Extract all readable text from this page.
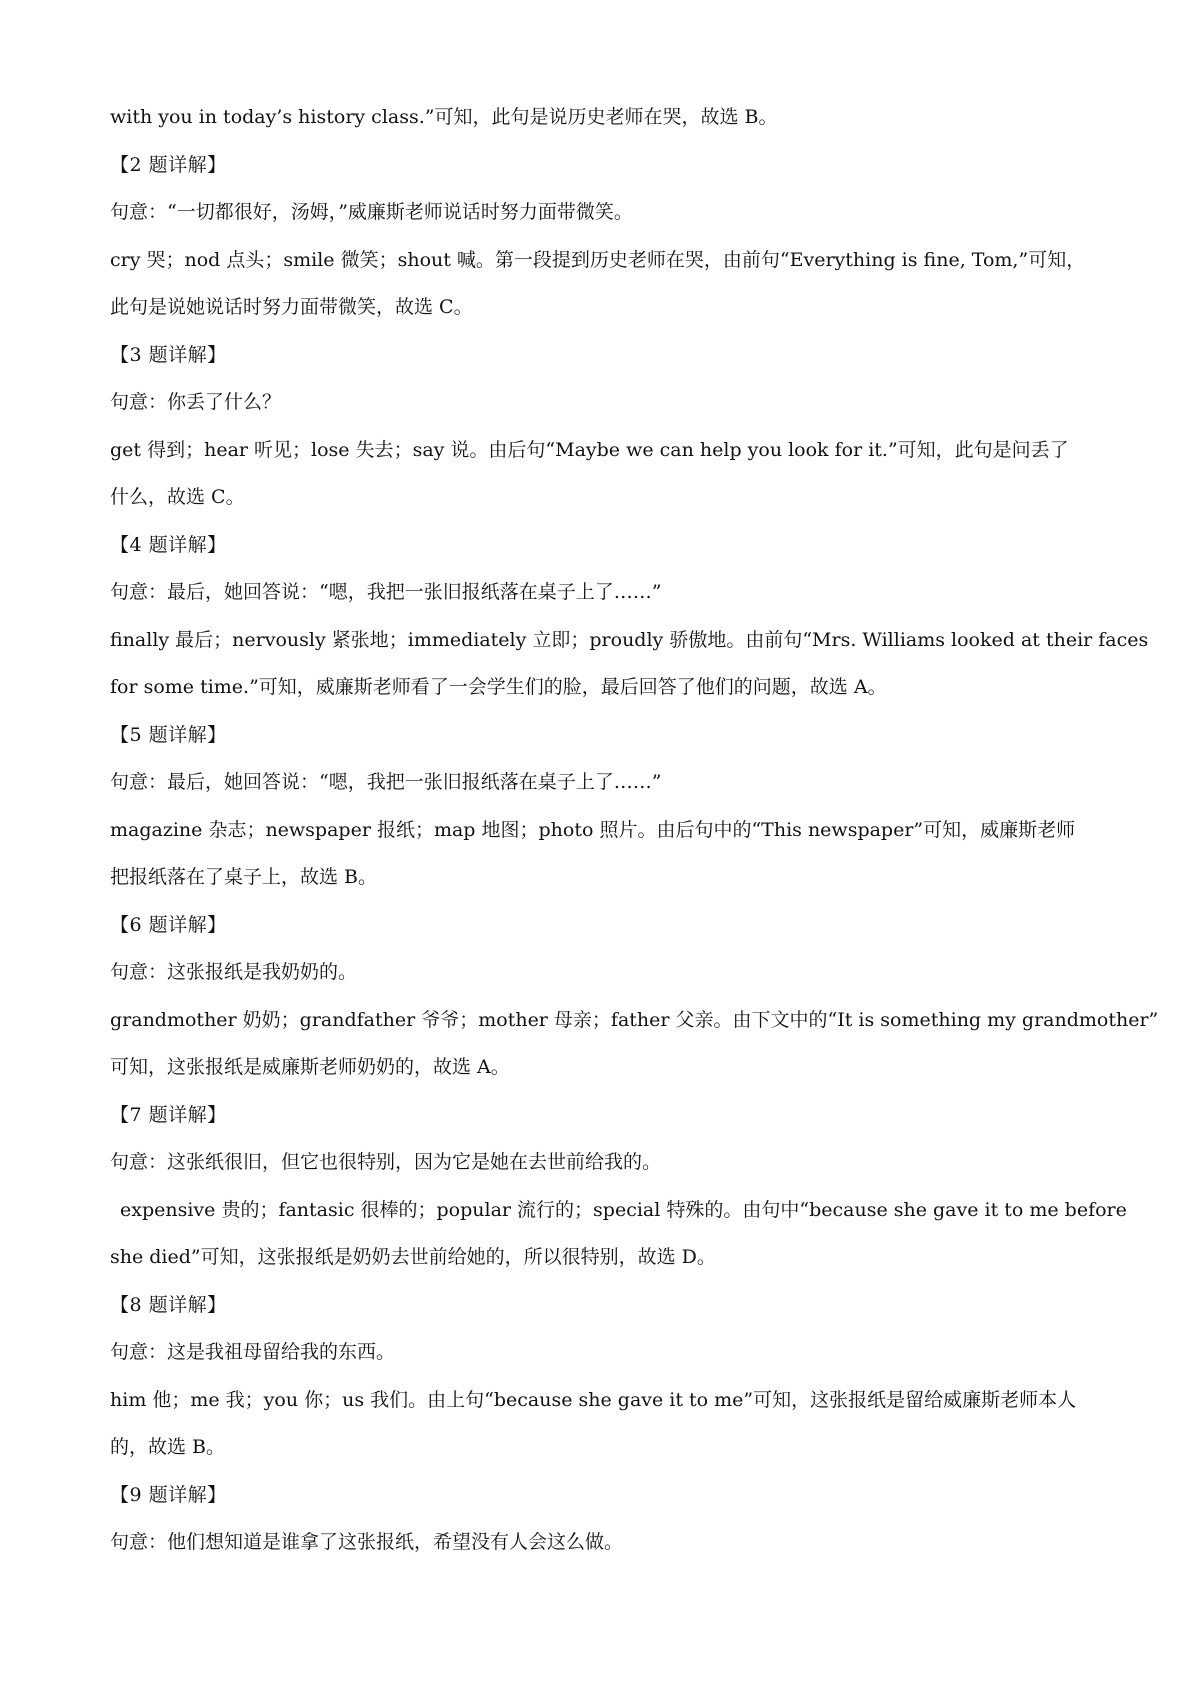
with you in today’s history class.”可知，此句是说历史老师在哭，故选 B。
【2 题详解】
句意：“一切都很好，汤姆，”威廉斯老师说话时努力面带微笑。
cry 哭；nod 点头；smile 微笑；shout 喊。第一段提到历史老师在哭，由前句“Everything is fine, Tom,”可知，
此句是说她说话时努力面带微笑，故选 C。
【3 题详解】
句意：你丢了什么？
get 得到；hear 听见；lose 失去；say 说。由后句“Maybe we can help you look for it.”可知，此句是问丢了
什么，故选 C。
【4 题详解】
句意：最后，她回答说：“嗯，我把一张旧报纸落在桌子上了……”
finally 最后；nervously 紧张地；immediately 立即；proudly 骄傲地。由前句“Mrs. Williams looked at their faces
for some time.”可知，威廉斯老师看了一会学生们的脸，最后回答了他们的问题，故选 A。
【5 题详解】
句意：最后，她回答说：“嗯，我把一张旧报纸落在桌子上了……”
magazine 杂志；newspaper 报纸；map 地图；photo 照片。由后句中的“This newspaper”可知，威廉斯老师
把报纸落在了桌子上，故选 B。
【6 题详解】
句意：这张报纸是我奶奶的。
grandmother 奶奶；grandfather 爷爷；mother 母亲；father 父亲。由下文中的“It is something my grandmother”
可知，这张报纸是威廉斯老师奶奶的，故选 A。
【7 题详解】
句意：这张纸很旧，但它也很特别，因为它是她在去世前给我的。
expensive 贵的；fantasic 很棒的；popular 流行的；special 特殊的。由句中“because she gave it to me before
she died”可知，这张报纸是奶奶去世前给她的，所以很特别，故选 D。
【8 题详解】
句意：这是我祖母留给我的东西。
him 他；me 我；you 你；us 我们。由上句“because she gave it to me”可知，这张报纸是留给威廉斯老师本人
的，故选 B。
【9 题详解】
句意：他们想知道是谁拿了这张报纸，希望没有人会这么做。
